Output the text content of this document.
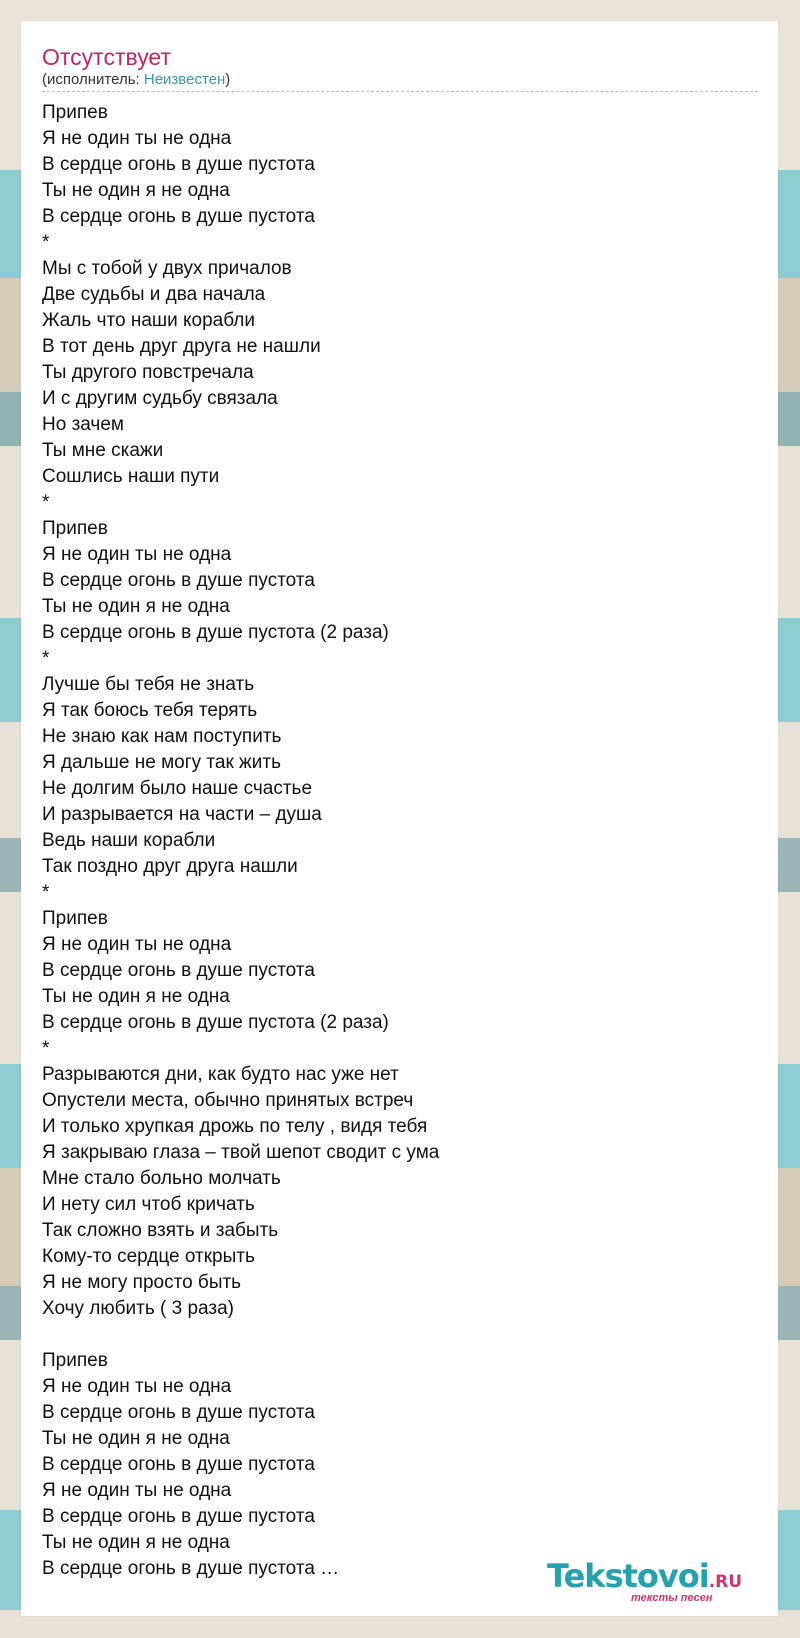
Отсутствует
(исполнитель: Неизвестен)
Припев
Я не один ты не одна
В сердце огонь в душе пустота
Ты не один я не одна
В сердце огонь в душе пустота
*
Мы с тобой у двух причалов
Две судьбы и два начала
Жаль что наши корабли
В тот день друг друга не нашли
Ты другого повстречала
И с другим судьбу связала
Но зачем
Ты мне скажи
Сошлись наши пути
*
Припев
Я не один ты не одна
В сердце огонь в душе пустота
Ты не один я не одна
В сердце огонь в душе пустота (2 раза)
*
Лучше бы тебя не знать
Я так боюсь тебя терять
Не знаю как нам поступить
Я дальше не могу так жить
Не долгим было наше счастье
И разрывается на части – душа
Ведь наши корабли
Так поздно друг друга нашли
*
Припев
Я не один ты не одна
В сердце огонь в душе пустота
Ты не один я не одна
В сердце огонь в душе пустота (2 раза)
*
Разрываются дни, как будто нас уже нет
Опустели места, обычно принятых встреч
И только хрупкая дрожь по телу , видя тебя
Я закрываю глаза – твой шепот сводит с ума
Мне стало больно молчать
И нету сил чтоб кричать
Так сложно взять и забыть
Кому-то сердце открыть
Я не могу просто быть
Хочу любить ( 3 раза)
Припев
Я не один ты не одна
В сердце огонь в душе пустота
Ты не один я не одна
В сердце огонь в душе пустота
Я не один ты не одна
В сердце огонь в душе пустота
Ты не один я не одна
В сердце огонь в душе пустота …	Tekstovoi.RU
тексты песен
